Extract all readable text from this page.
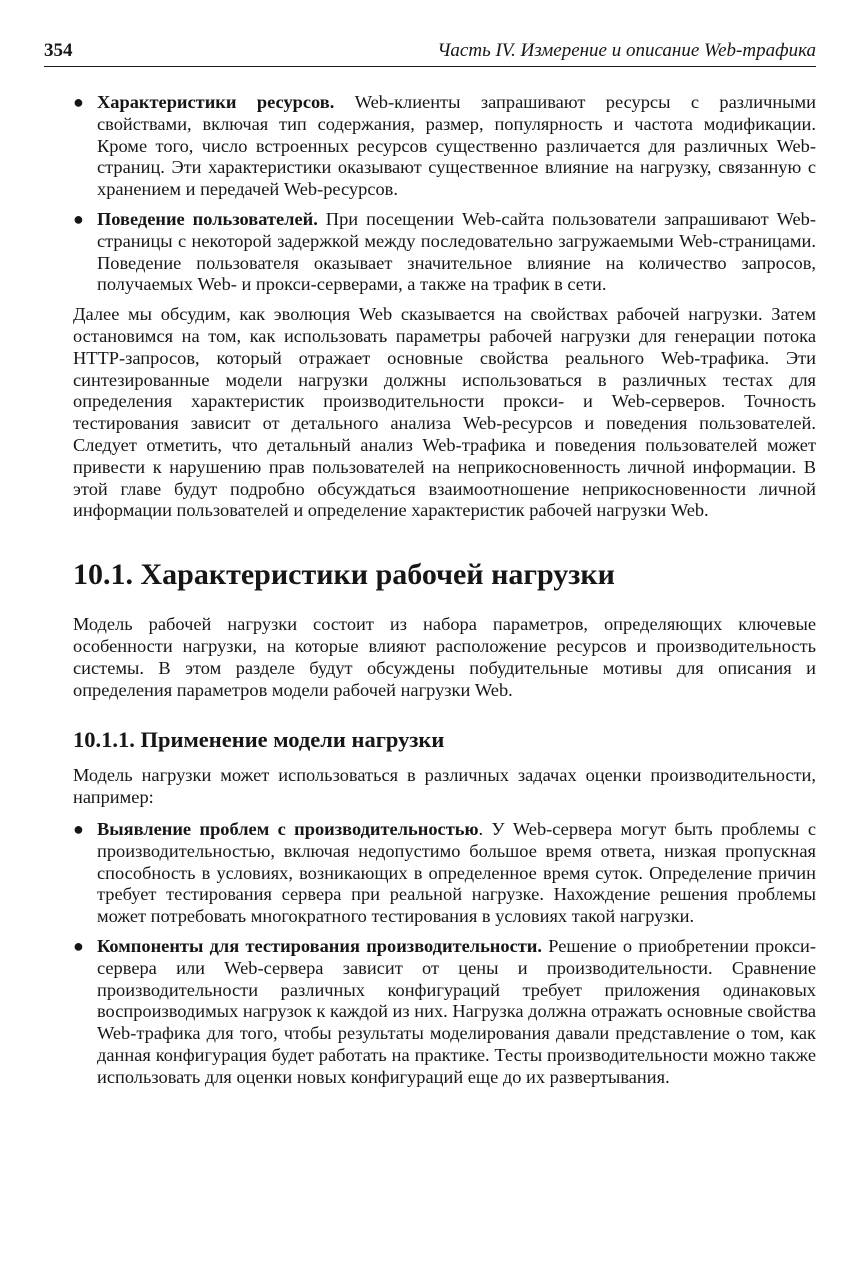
354	Часть IV. Измерение и описание Web-трафика
● Характеристики ресурсов. Web-клиенты запрашивают ресурсы с различными свойствами, включая тип содержания, размер, популярность и частота модификации. Кроме того, число встроенных ресурсов существенно различается для различных Web-страниц. Эти характеристики оказывают существенное влияние на нагрузку, связанную с хранением и передачей Web-ресурсов.
● Поведение пользователей. При посещении Web-сайта пользователи запрашивают Web-страницы с некоторой задержкой между последовательно загружаемыми Web-страницами. Поведение пользователя оказывает значительное влияние на количество запросов, получаемых Web- и прокси-серверами, а также на трафик в сети.

Далее мы обсудим, как эволюция Web сказывается на свойствах рабочей нагрузки. Затем остановимся на том, как использовать параметры рабочей нагрузки для генерации потока HTTP-запросов, который отражает основные свойства реального Web-трафика. Эти синтезированные модели нагрузки должны использоваться в различных тестах для определения характеристик производительности прокси- и Web-серверов. Точность тестирования зависит от детального анализа Web-ресурсов и поведения пользователей. Следует отметить, что детальный анализ Web-трафика и поведения пользователей может привести к нарушению прав пользователей на неприкосновенность личной информации. В этой главе будут подробно обсуждаться взаимоотношение неприкосновенности личной информации пользователей и определение характеристик рабочей нагрузки Web.

10.1. Характеристики рабочей нагрузки

Модель рабочей нагрузки состоит из набора параметров, определяющих ключевые особенности нагрузки, на которые влияют расположение ресурсов и производительность системы. В этом разделе будут обсуждены побудительные мотивы для описания и определения параметров модели рабочей нагрузки Web.

10.1.1. Применение модели нагрузки

Модель нагрузки может использоваться в различных задачах оценки производительности, например:

● Выявление проблем с производительностью. У Web-сервера могут быть проблемы с производительностью, включая недопустимо большое время ответа, низкая пропускная способность в условиях, возникающих в определенное время суток. Определение причин требует тестирования сервера при реальной нагрузке. Нахождение решения проблемы может потребовать многократного тестирования в условиях такой нагрузки.
● Компоненты для тестирования производительности. Решение о приобретении прокси-сервера или Web-сервера зависит от цены и производительности. Сравнение производительности различных конфигураций требует приложения одинаковых воспроизводимых нагрузок к каждой из них. Нагрузка должна отражать основные свойства Web-трафика для того, чтобы результаты моделирования давали представление о том, как данная конфигурация будет работать на практике. Тесты производительности можно также использовать для оценки новых конфигураций еще до их развертывания.
